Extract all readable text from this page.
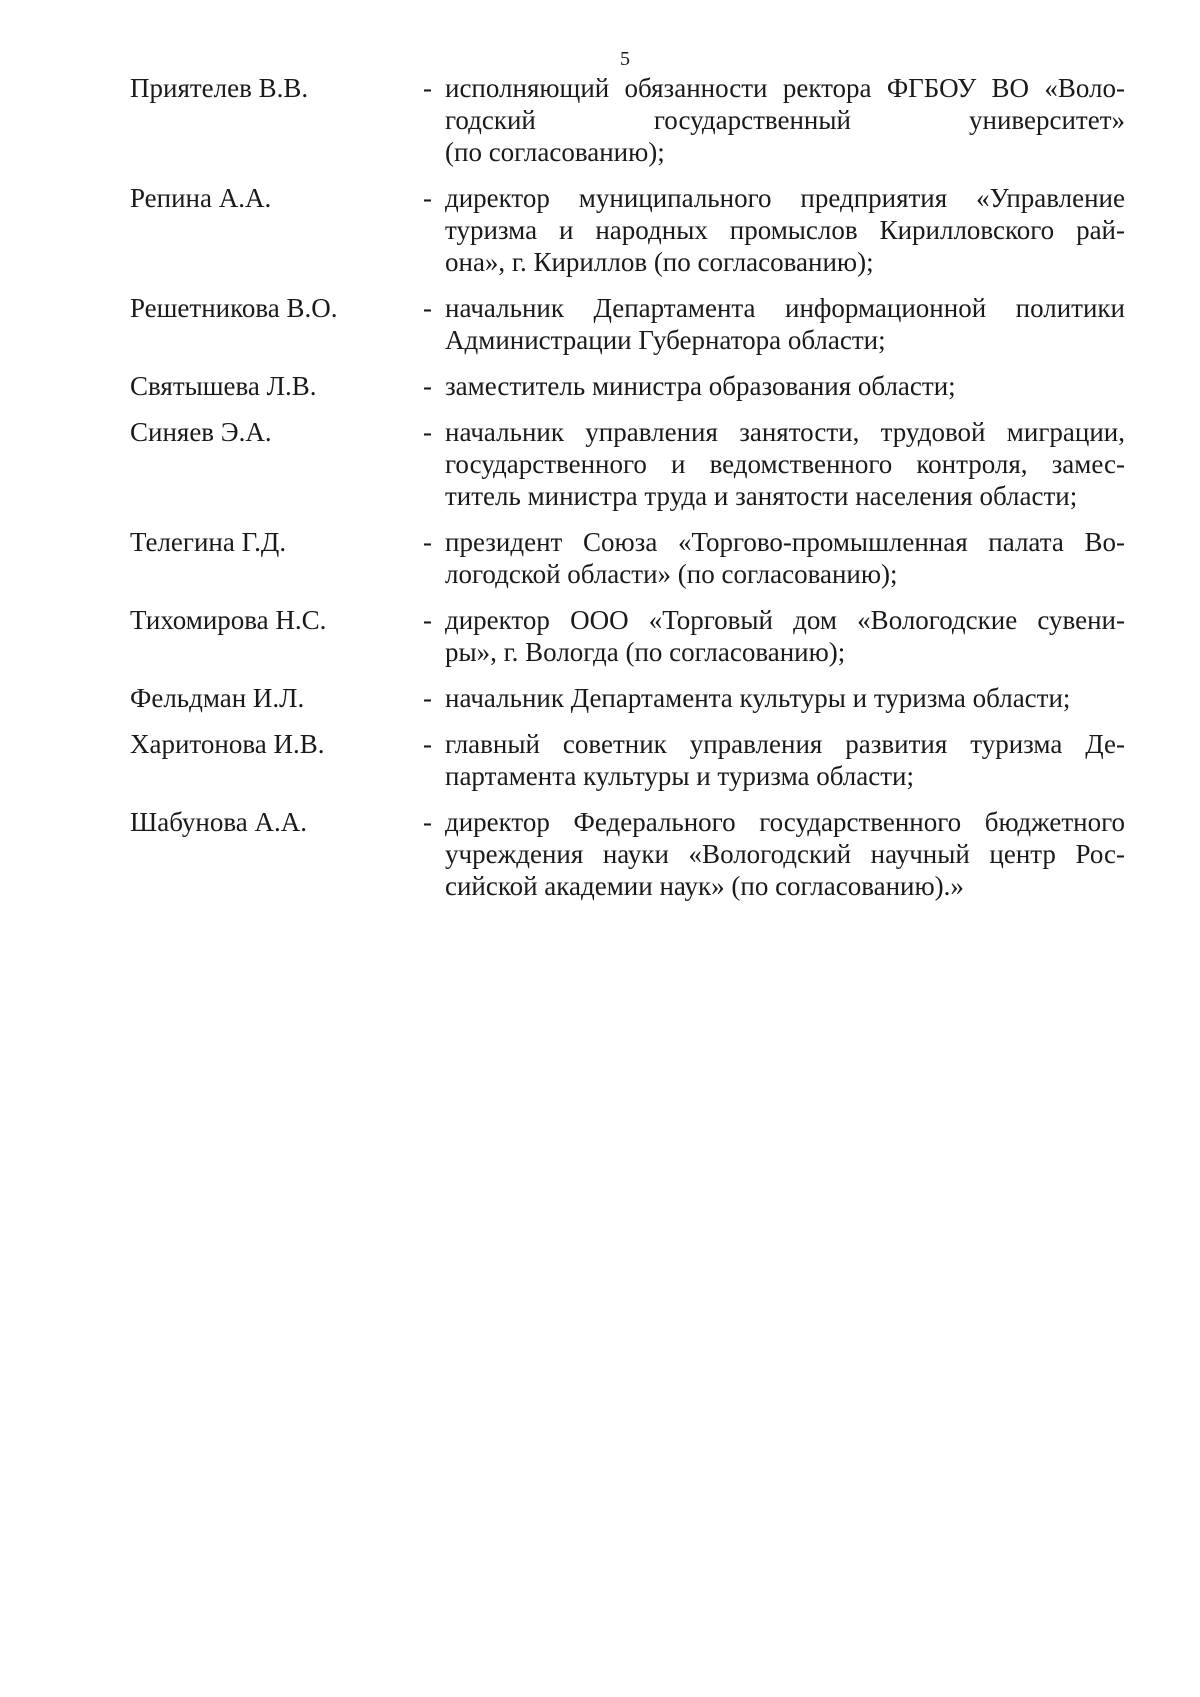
5
Приятелев В.В.	- исполняющий обязанности ректора ФГБОУ ВО «Воло-
годский государственный университет»
(по согласованию);
Репина А.А.	- директор муниципального предприятия «Управление
туризма и народных промыслов Кирилловского рай-
она», г. Кириллов (по согласованию);
Решетникова В.О.	- начальник Департамента информационной политики
Администрации Губернатора области;
Святышева Л.В.	- заместитель министра образования области;
Синяев Э.А.	- начальник управления занятости, трудовой миграции,
государственного и ведомственного контроля, замес-
титель министра труда и занятости населения области;
Телегина Г.Д.	- президент Союза «Торгово-промышленная палата Во-
логодской области» (по согласованию);
Тихомирова Н.С.	- директор ООО «Торговый дом «Вологодские сувени-
ры», г. Вологда (по согласованию);
Фельдман И.Л.	- начальник Департамента культуры и туризма области;
Харитонова И.В.	- главный советник управления развития туризма Де-
партамента культуры и туризма области;
Шабунова А.А.	- директор Федерального государственного бюджетного
учреждения науки «Вологодский научный центр Рос-
сийской академии наук» (по согласованию).»
